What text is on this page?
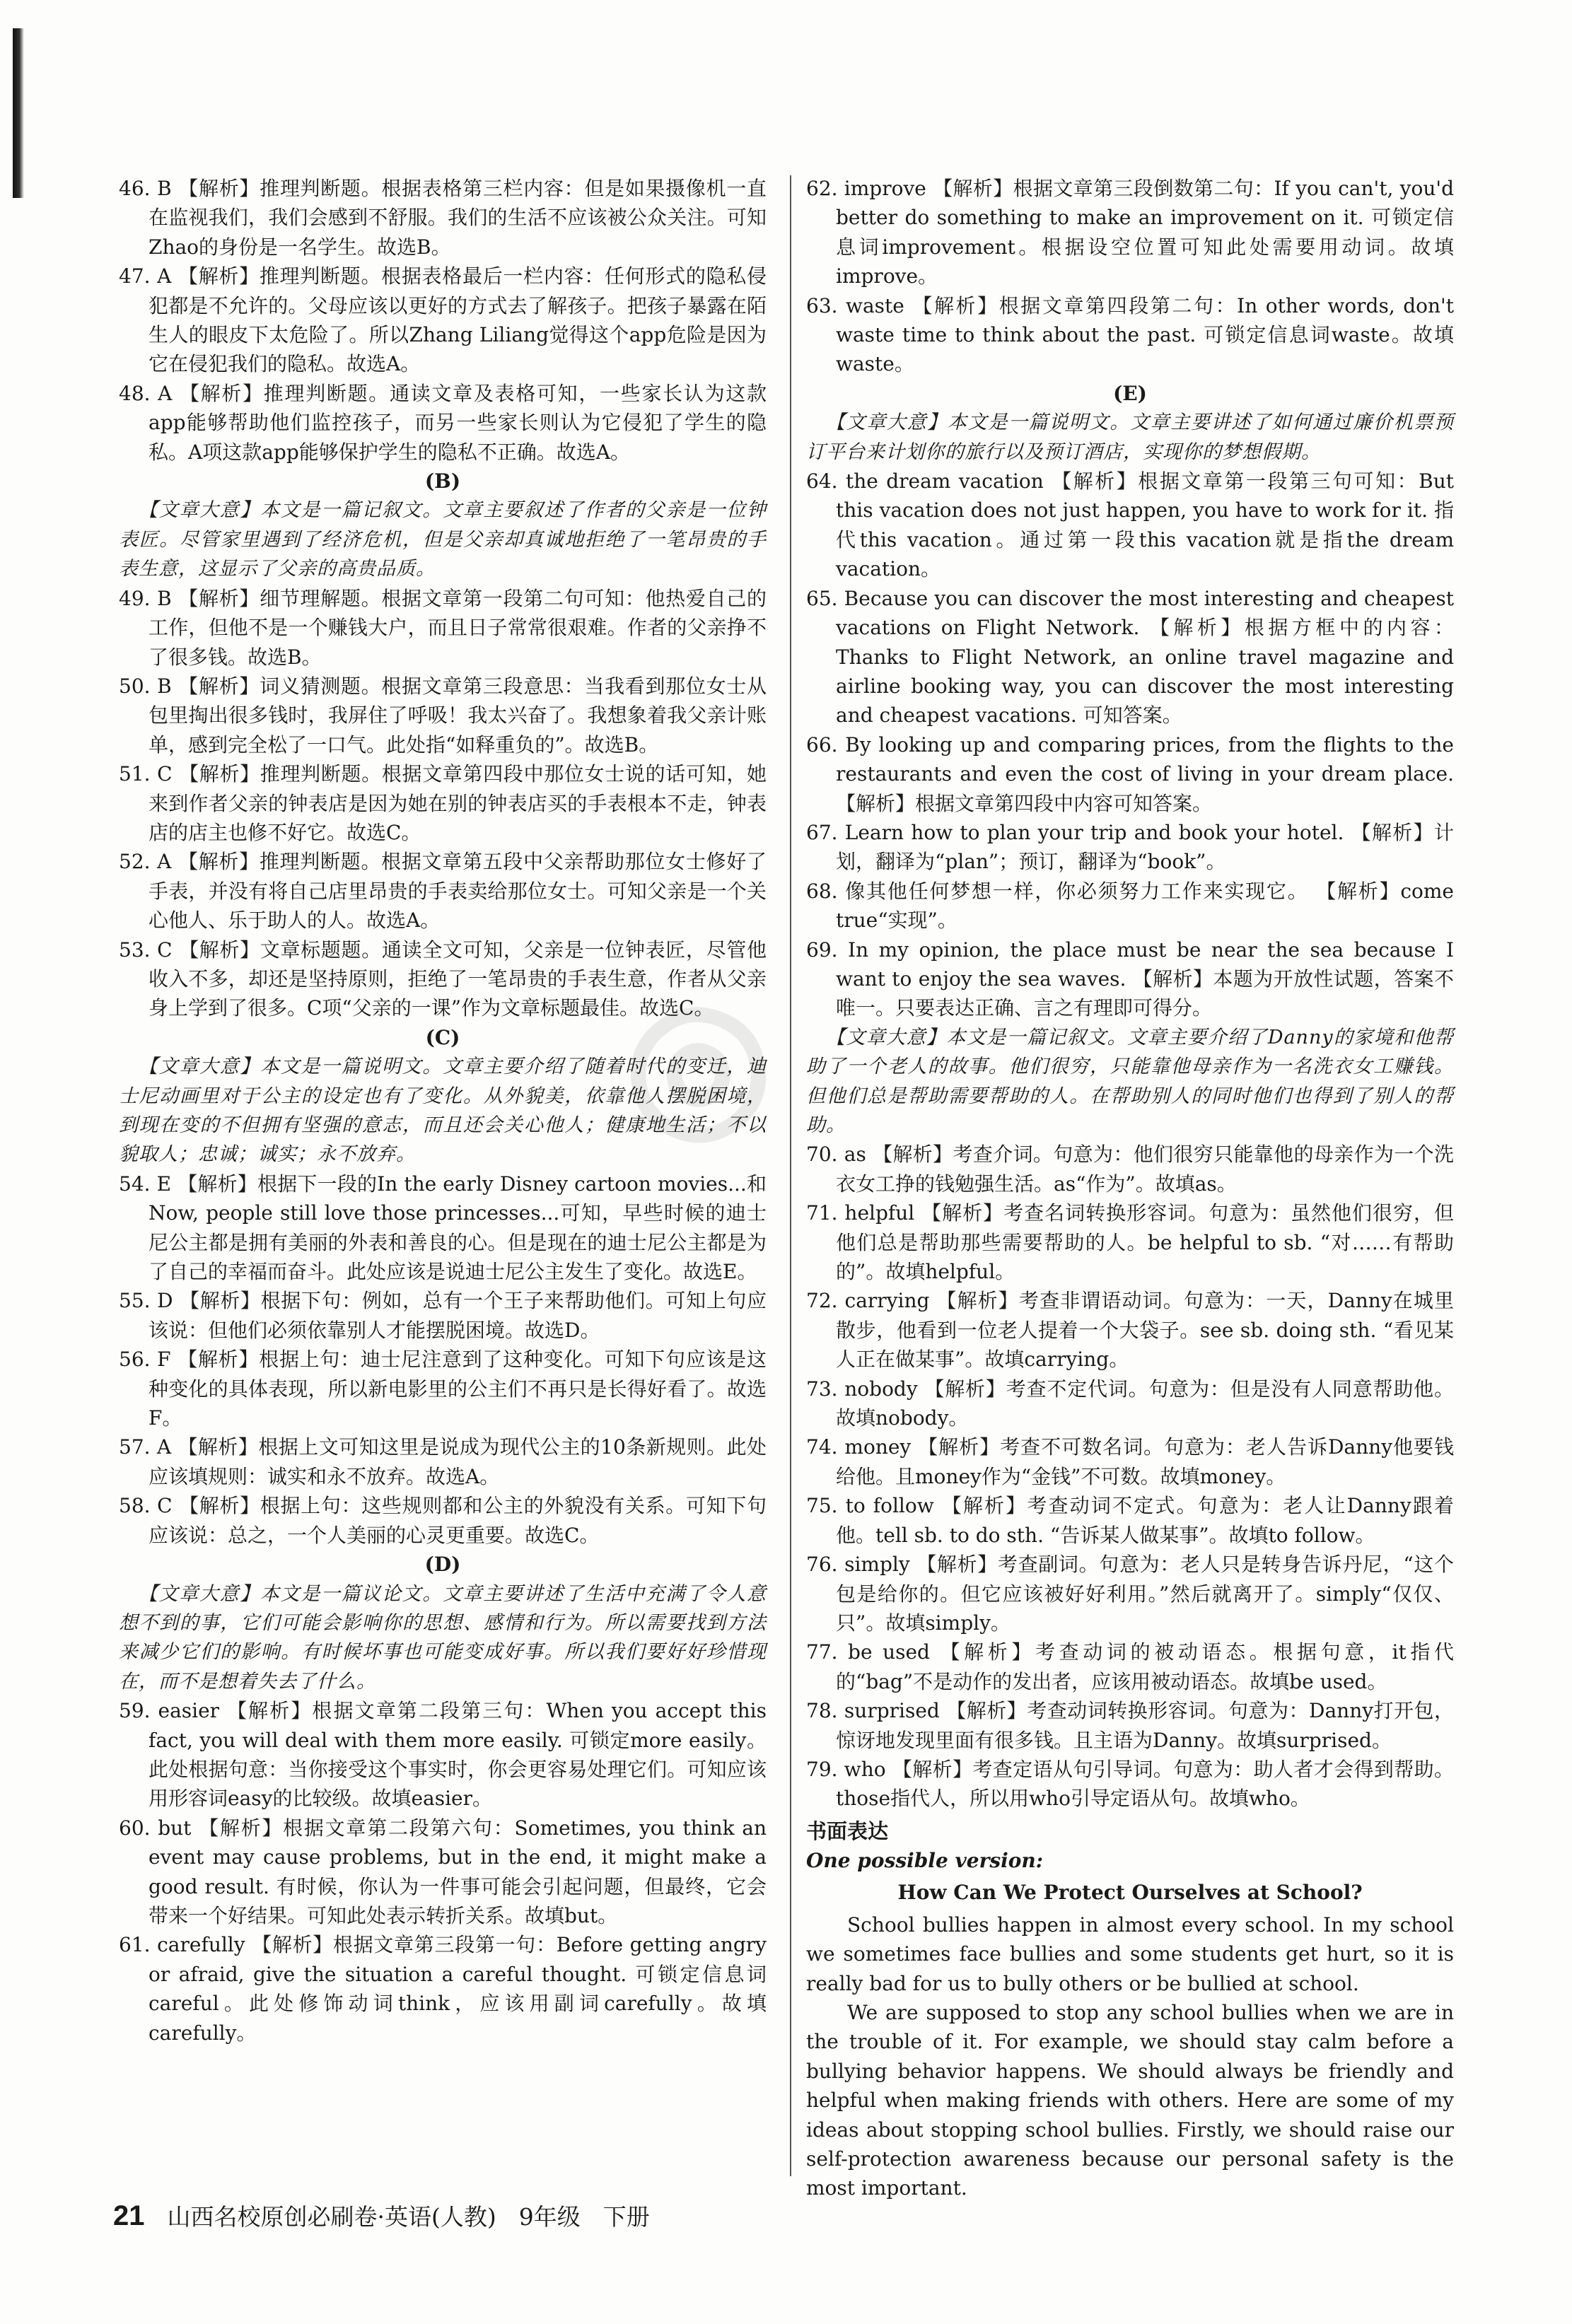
◎

46. B 【解析】推理判断题。根据表格第三栏内容：但是如果摄像机一直在监视我们，我们会感到不舒服。我们的生活不应该被公众关注。可知Zhao的身份是一名学生。故选B。

47. A 【解析】推理判断题。根据表格最后一栏内容：任何形式的隐私侵犯都是不允许的。父母应该以更好的方式去了解孩子。把孩子暴露在陌生人的眼皮下太危险了。所以Zhang Liliang觉得这个app危险是因为它在侵犯我们的隐私。故选A。

48. A 【解析】推理判断题。通读文章及表格可知，一些家长认为这款app能够帮助他们监控孩子，而另一些家长则认为它侵犯了学生的隐私。A项这款app能够保护学生的隐私不正确。故选A。

(B)

【文章大意】本文是一篇记叙文。文章主要叙述了作者的父亲是一位钟表匠。尽管家里遇到了经济危机，但是父亲却真诚地拒绝了一笔昂贵的手表生意，这显示了父亲的高贵品质。

49. B 【解析】细节理解题。根据文章第一段第二句可知：他热爱自己的工作，但他不是一个赚钱大户，而且日子常常很艰难。作者的父亲挣不了很多钱。故选B。

50. B 【解析】词义猜测题。根据文章第三段意思：当我看到那位女士从包里掏出很多钱时，我屏住了呼吸！我太兴奋了。我想象着我父亲计账单，感到完全松了一口气。此处指“如释重负的”。故选B。

51. C 【解析】推理判断题。根据文章第四段中那位女士说的话可知，她来到作者父亲的钟表店是因为她在别的钟表店买的手表根本不走，钟表店的店主也修不好它。故选C。

52. A 【解析】推理判断题。根据文章第五段中父亲帮助那位女士修好了手表，并没有将自己店里昂贵的手表卖给那位女士。可知父亲是一个关心他人、乐于助人的人。故选A。

53. C 【解析】文章标题题。通读全文可知，父亲是一位钟表匠，尽管他收入不多，却还是坚持原则，拒绝了一笔昂贵的手表生意，作者从父亲身上学到了很多。C项“父亲的一课”作为文章标题最佳。故选C。

(C)

【文章大意】本文是一篇说明文。文章主要介绍了随着时代的变迁，迪士尼动画里对于公主的设定也有了变化。从外貌美，依靠他人摆脱困境，到现在变的不但拥有坚强的意志，而且还会关心他人；健康地生活；不以貌取人；忠诚；诚实；永不放弃。

54. E 【解析】根据下一段的In the early Disney cartoon movies...和Now, people still love those princesses...可知，早些时候的迪士尼公主都是拥有美丽的外表和善良的心。但是现在的迪士尼公主都是为了自己的幸福而奋斗。此处应该是说迪士尼公主发生了变化。故选E。

55. D 【解析】根据下句：例如，总有一个王子来帮助他们。可知上句应该说：但他们必须依靠别人才能摆脱困境。故选D。

56. F 【解析】根据上句：迪士尼注意到了这种变化。可知下句应该是这种变化的具体表现，所以新电影里的公主们不再只是长得好看了。故选F。

57. A 【解析】根据上文可知这里是说成为现代公主的10条新规则。此处应该填规则：诚实和永不放弃。故选A。

58. C 【解析】根据上句：这些规则都和公主的外貌没有关系。可知下句应该说：总之，一个人美丽的心灵更重要。故选C。

(D)

【文章大意】本文是一篇议论文。文章主要讲述了生活中充满了令人意想不到的事，它们可能会影响你的思想、感情和行为。所以需要找到方法来减少它们的影响。有时候坏事也可能变成好事。所以我们要好好珍惜现在，而不是想着失去了什么。

59. easier 【解析】根据文章第二段第三句：When you accept this fact, you will deal with them more easily. 可锁定more easily。此处根据句意：当你接受这个事实时，你会更容易处理它们。可知应该用形容词easy的比较级。故填easier。

60. but 【解析】根据文章第二段第六句：Sometimes, you think an event may cause problems, but in the end, it might make a good result. 有时候，你认为一件事可能会引起问题，但最终，它会带来一个好结果。可知此处表示转折关系。故填but。

61. carefully 【解析】根据文章第三段第一句：Before getting angry or afraid, give the situation a careful thought. 可锁定信息词careful。此处修饰动词think，应该用副词carefully。故填carefully。

62. improve 【解析】根据文章第三段倒数第二句：If you can't, you'd better do something to make an improvement on it. 可锁定信息词improvement。根据设空位置可知此处需要用动词。故填improve。

63. waste 【解析】根据文章第四段第二句：In other words, don't waste time to think about the past. 可锁定信息词waste。故填waste。

(E)

【文章大意】本文是一篇说明文。文章主要讲述了如何通过廉价机票预订平台来计划你的旅行以及预订酒店，实现你的梦想假期。

64. the dream vacation 【解析】根据文章第一段第三句可知：But this vacation does not just happen, you have to work for it. 指代this vacation。通过第一段this vacation就是指the dream vacation。

65. Because you can discover the most interesting and cheapest vacations on Flight Network. 【解析】根据方框中的内容：Thanks to Flight Network, an online travel magazine and airline booking way, you can discover the most interesting and cheapest vacations. 可知答案。

66. By looking up and comparing prices, from the flights to the restaurants and even the cost of living in your dream place. 【解析】根据文章第四段中内容可知答案。

67. Learn how to plan your trip and book your hotel. 【解析】计划，翻译为“plan”；预订，翻译为“book”。

68. 像其他任何梦想一样，你必须努力工作来实现它。 【解析】come true“实现”。

69. In my opinion, the place must be near the sea because I want to enjoy the sea waves. 【解析】本题为开放性试题，答案不唯一。只要表达正确、言之有理即可得分。

【文章大意】本文是一篇记叙文。文章主要介绍了Danny的家境和他帮助了一个老人的故事。他们很穷，只能靠他母亲作为一名洗衣女工赚钱。但他们总是帮助需要帮助的人。在帮助别人的同时他们也得到了别人的帮助。

70. as 【解析】考查介词。句意为：他们很穷只能靠他的母亲作为一个洗衣女工挣的钱勉强生活。as“作为”。故填as。

71. helpful 【解析】考查名词转换形容词。句意为：虽然他们很穷，但他们总是帮助那些需要帮助的人。be helpful to sb. “对……有帮助的”。故填helpful。

72. carrying 【解析】考查非谓语动词。句意为：一天，Danny在城里散步，他看到一位老人提着一个大袋子。see sb. doing sth. “看见某人正在做某事”。故填carrying。

73. nobody 【解析】考查不定代词。句意为：但是没有人同意帮助他。故填nobody。

74. money 【解析】考查不可数名词。句意为：老人告诉Danny他要钱给他。且money作为“金钱”不可数。故填money。

75. to follow 【解析】考查动词不定式。句意为：老人让Danny跟着他。tell sb. to do sth. “告诉某人做某事”。故填to follow。

76. simply 【解析】考查副词。句意为：老人只是转身告诉丹尼，“这个包是给你的。但它应该被好好利用。”然后就离开了。simply“仅仅、只”。故填simply。

77. be used 【解析】考查动词的被动语态。根据句意，it指代的“bag”不是动作的发出者，应该用被动语态。故填be used。

78. surprised 【解析】考查动词转换形容词。句意为：Danny打开包，惊讶地发现里面有很多钱。且主语为Danny。故填surprised。

79. who 【解析】考查定语从句引导词。句意为：助人者才会得到帮助。those指代人，所以用who引导定语从句。故填who。

书面表达

One possible version:

How Can We Protect Ourselves at School?

School bullies happen in almost every school. In my school we sometimes face bullies and some students get hurt, so it is really bad for us to bully others or be bullied at school.

We are supposed to stop any school bullies when we are in the trouble of it. For example, we should stay calm before a bullying behavior happens. We should always be friendly and helpful when making friends with others. Here are some of my ideas about stopping school bullies. Firstly, we should raise our self-protection awareness because our personal safety is the most important.

21 山西名校原创必刷卷·英语(人教) 9年级 下册
